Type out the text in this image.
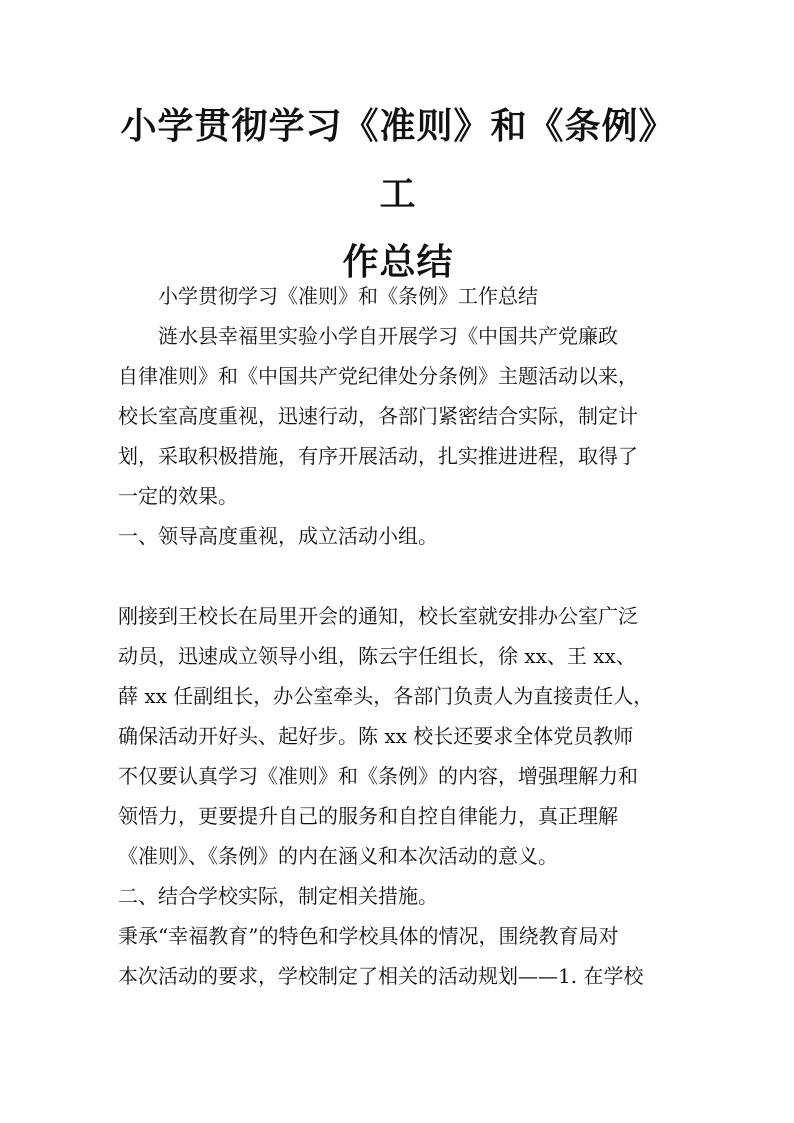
小学贯彻学习《准则》和《条例》工
作总结
　　小学贯彻学习《准则》和《条例》工作总结
　　涟水县幸福里实验小学自开展学习《中国共产党廉政
自律准则》和《中国共产党纪律处分条例》主题活动以来，
校长室高度重视，迅速行动，各部门紧密结合实际，制定计
划，采取积极措施，有序开展活动，扎实推进进程，取得了
一定的效果。
一、领导高度重视，成立活动小组。
刚接到王校长在局里开会的通知，校长室就安排办公室广泛
动员，迅速成立领导小组，陈云宇任组长，徐 xx、王 xx、
薛 xx 任副组长，办公室牵头，各部门负责人为直接责任人，
确保活动开好头、起好步。陈 xx 校长还要求全体党员教师
不仅要认真学习《准则》和《条例》的内容，增强理解力和
领悟力，更要提升自己的服务和自控自律能力，真正理解
《准则》、《条例》的内在涵义和本次活动的意义。
二、结合学校实际，制定相关措施。
秉承“幸福教育”的特色和学校具体的情况，围绕教育局对
本次活动的要求，学校制定了相关的活动规划——1. 在学校
